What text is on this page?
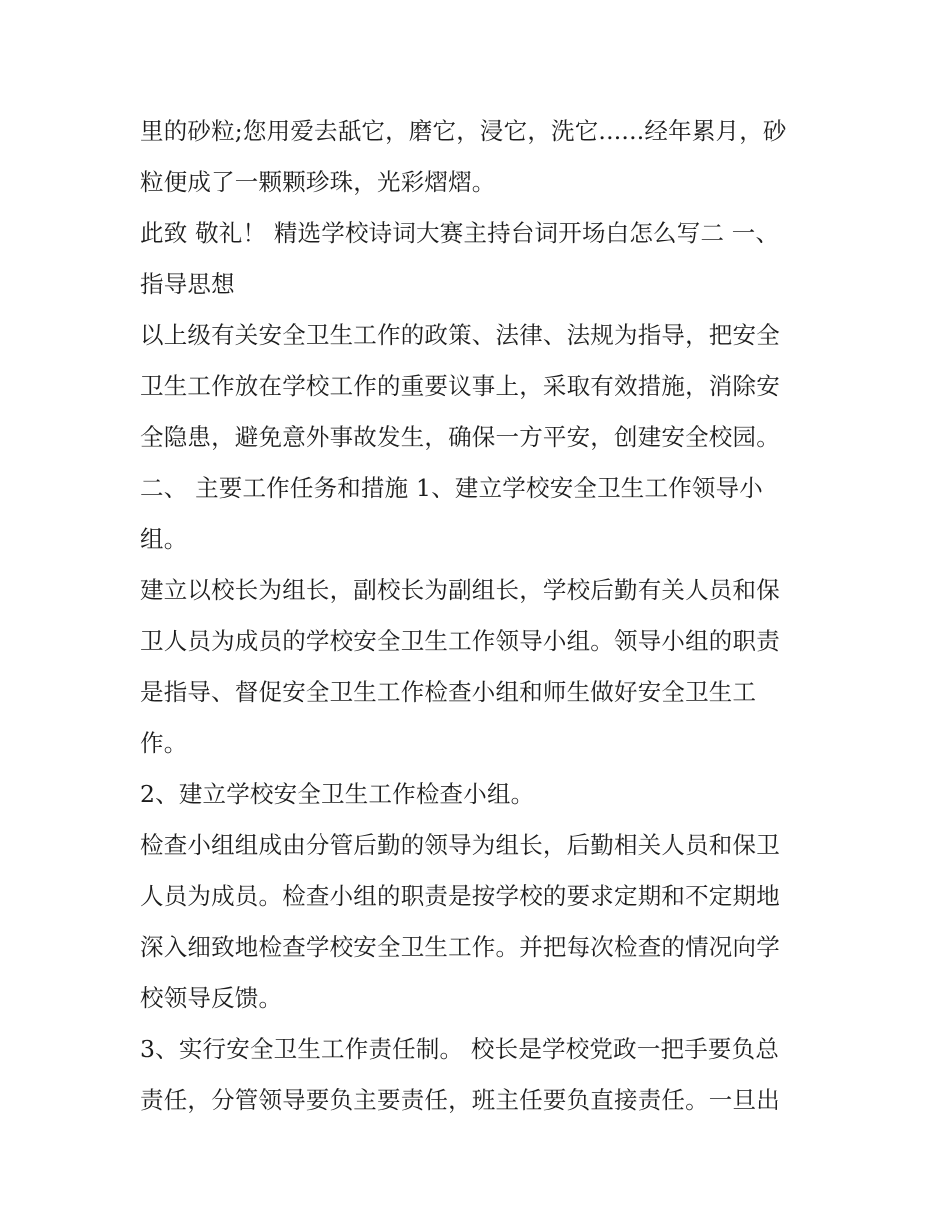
里的砂粒;您用爱去舐它，磨它，浸它，洗它......经年累月，砂
粒便成了一颗颗珍珠，光彩熠熠。
此致 敬礼！ 精选学校诗词大赛主持台词开场白怎么写二 一、
指导思想
以上级有关安全卫生工作的政策、法律、法规为指导，把安全
卫生工作放在学校工作的重要议事上，采取有效措施，消除安
全隐患，避免意外事故发生，确保一方平安，创建安全校园。
二、 主要工作任务和措施 1、建立学校安全卫生工作领导小
组。
建立以校长为组长，副校长为副组长，学校后勤有关人员和保
卫人员为成员的学校安全卫生工作领导小组。领导小组的职责
是指导、督促安全卫生工作检查小组和师生做好安全卫生工
作。
2、建立学校安全卫生工作检查小组。
检查小组组成由分管后勤的领导为组长，后勤相关人员和保卫
人员为成员。检查小组的职责是按学校的要求定期和不定期地
深入细致地检查学校安全卫生工作。并把每次检查的情况向学
校领导反馈。
3、实行安全卫生工作责任制。 校长是学校党政一把手要负总
责任，分管领导要负主要责任，班主任要负直接责任。一旦出
